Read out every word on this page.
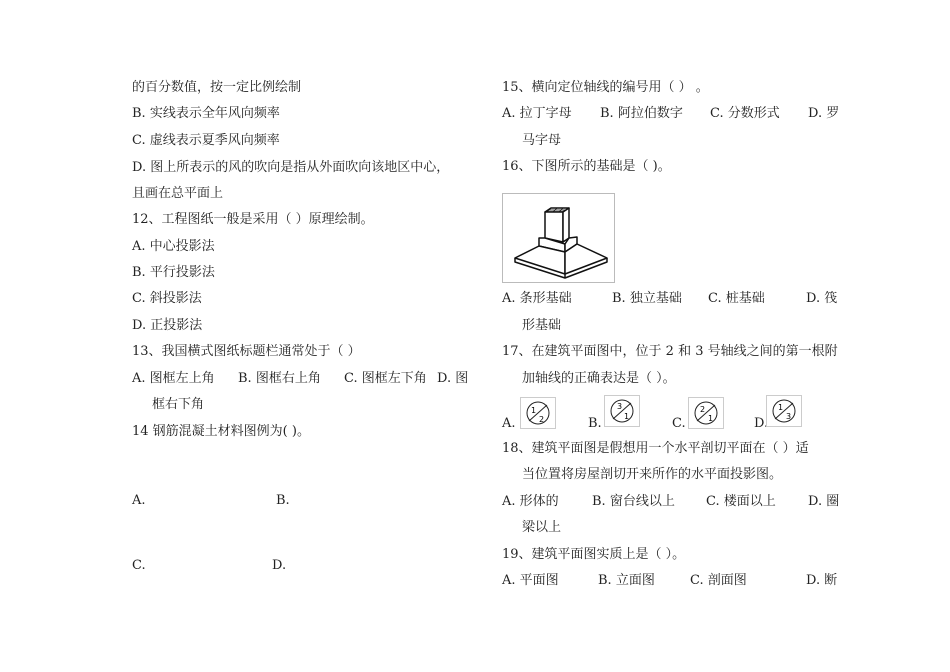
的百分数值，按一定比例绘制
B. 实线表示全年风向频率
C. 虚线表示夏季风向频率
D. 图上所表示的风的吹向是指从外面吹向该地区中心，
且画在总平面上
12、工程图纸一般是采用（ ）原理绘制。
A. 中心投影法
B. 平行投影法
C. 斜投影法
D. 正投影法
13、我国横式图纸标题栏通常处于（ ）
A. 图框左上角 B. 图框右上角 C. 图框左下角 D. 图
框右下角
14 钢筋混凝土材料图例为( )。
A.	B.
C.	D.
15、横向定位轴线的编号用（ ） 。
A. 拉丁字母 B. 阿拉伯数字 C. 分数形式 D. 罗
马字母
16、下图所示的基础是（ )。
A. 条形基础	B. 独立基础 C. 桩基础	D. 筏
形基础
17、在建筑平面图中，位于 2 和 3 号轴线之间的第一根附
加轴线的正确表达是（ ）。
A.
1
2	B.
3
1	C.
2
1	D.
1
3
18、建筑平面图是假想用一个水平剖切平面在（ ）适
当位置将房屋剖切开来所作的水平面投影图。
A. 形体的	B. 窗台线以上 C. 楼面以上 D. 圈
梁以上
19、建筑平面图实质上是（ ）。
A. 平面图	B. 立面图	C. 剖面图	D. 断
